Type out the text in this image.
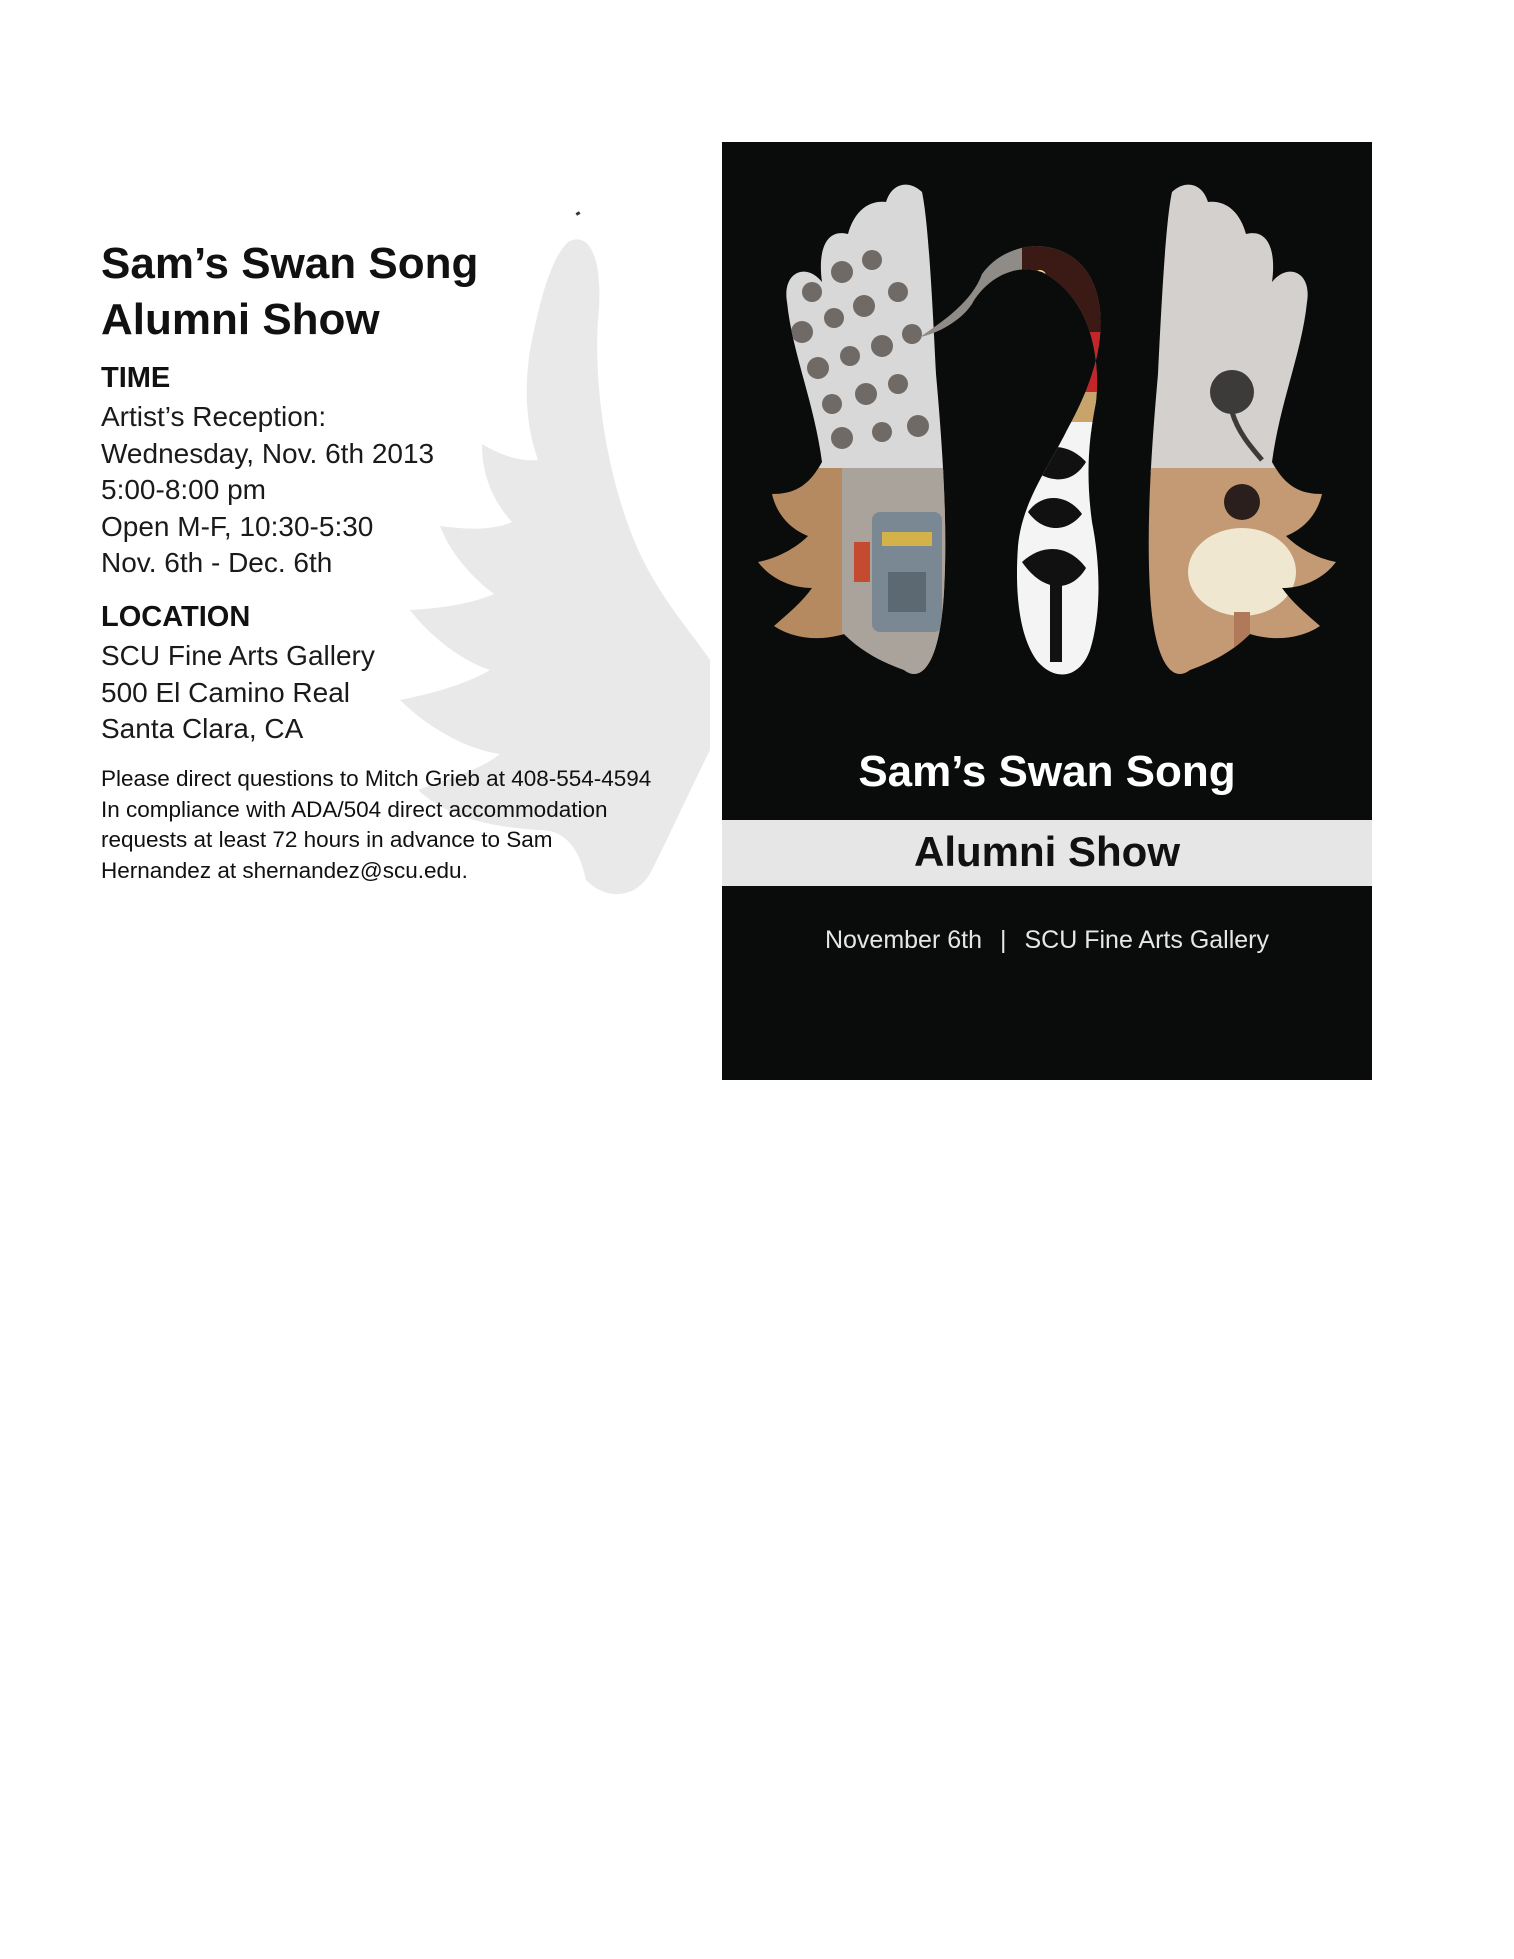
Sam’s Swan Song
Alumni Show
TIME
Artist’s Reception:
Wednesday, Nov. 6th 2013
5:00-8:00 pm
Open M-F, 10:30-5:30
Nov. 6th - Dec. 6th
LOCATION
SCU Fine Arts Gallery
500 El Camino Real
Santa Clara, CA
Please direct questions to Mitch Grieb at 408-554-4594
In compliance with ADA/504 direct accommodation
requests at least 72 hours in advance to Sam
Hernandez at shernandez@scu.edu.
Sam’s Swan Song
Alumni Show
November 6th | SCU Fine Arts Gallery
